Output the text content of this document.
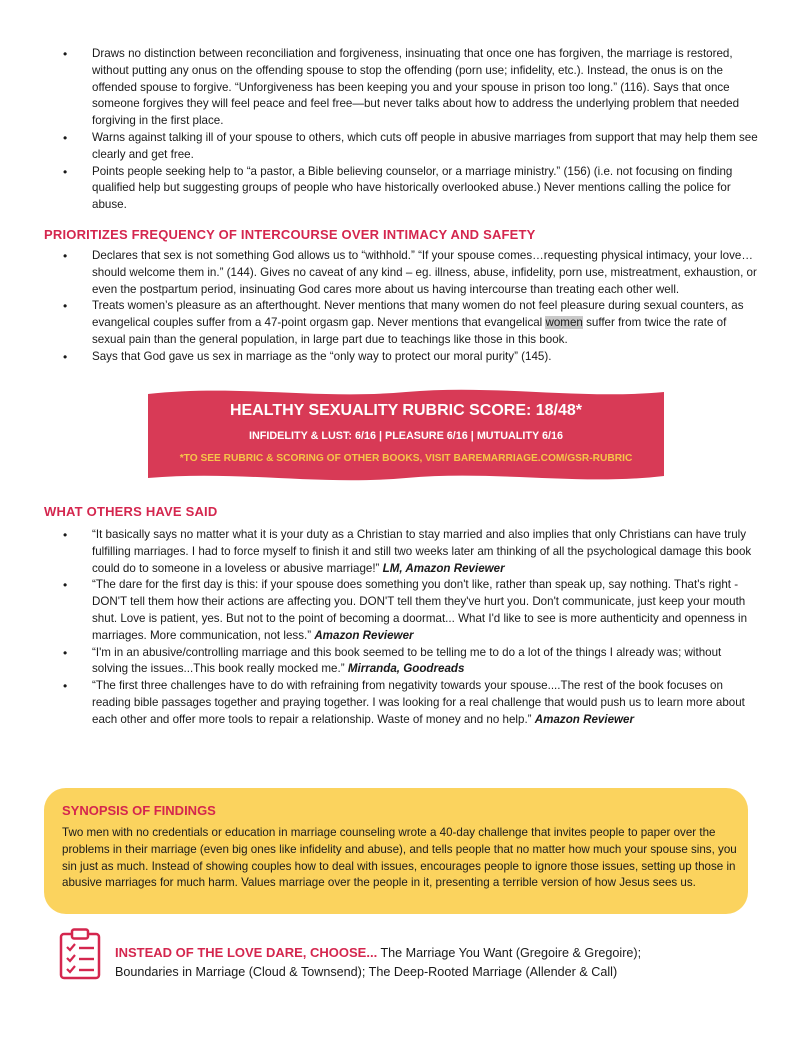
• Draws no distinction between reconciliation and forgiveness, insinuating that once one has forgiven, the marriage is restored, without putting any onus on the offending spouse to stop the offending (porn use; infidelity, etc.). Instead, the onus is on the offended spouse to forgive. “Unforgiveness has been keeping you and your spouse in prison too long.” (116). Says that once someone forgives they will feel peace and feel free—but never talks about how to address the underlying problem that needed forgiving in the first place.
• Warns against talking ill of your spouse to others, which cuts off people in abusive marriages from support that may help them see clearly and get free.
• Points people seeking help to “a pastor, a Bible believing counselor, or a marriage ministry.” (156) (i.e. not focusing on finding qualified help but suggesting groups of people who have historically overlooked abuse.) Never mentions calling the police for abuse.
PRIORITIZES FREQUENCY OF INTERCOURSE OVER INTIMACY AND SAFETY
• Declares that sex is not something God allows us to “withhold.” “If your spouse comes…requesting physical intimacy, your love…should welcome them in.” (144). Gives no caveat of any kind – eg. illness, abuse, infidelity, porn use, mistreatment, exhaustion, or even the postpartum period, insinuating God cares more about us having intercourse than treating each other well.
• Treats women’s pleasure as an afterthought. Never mentions that many women do not feel pleasure during sexual counters, as evangelical couples suffer from a 47-point orgasm gap. Never mentions that evangelical women suffer from twice the rate of sexual pain than the general population, in large part due to teachings like those in this book.
• Says that God gave us sex in marriage as the “only way to protect our moral purity” (145).
HEALTHY SEXUALITY RUBRIC SCORE: 18/48*
INFIDELITY & LUST: 6/16 | PLEASURE 6/16 | MUTUALITY 6/16
*TO SEE RUBRIC & SCORING OF OTHER BOOKS, VISIT BAREMARRIAGE.COM/GSR-RUBRIC
WHAT OTHERS HAVE SAID
• “It basically says no matter what it is your duty as a Christian to stay married and also implies that only Christians can have truly fulfilling marriages. I had to force myself to finish it and still two weeks later am thinking of all the psychological damage this book could do to someone in a loveless or abusive marriage!” LM, Amazon Reviewer
• “The dare for the first day is this: if your spouse does something you don't like, rather than speak up, say nothing. That's right - DON'T tell them how their actions are affecting you. DON'T tell them they've hurt you. Don't communicate, just keep your mouth shut. Love is patient, yes. But not to the point of becoming a doormat... What I'd like to see is more authenticity and openness in marriages. More communication, not less.” Amazon Reviewer
• “I'm in an abusive/controlling marriage and this book seemed to be telling me to do a lot of the things I already was; without solving the issues...This book really mocked me.” Mirranda, Goodreads
• “The first three challenges have to do with refraining from negativity towards your spouse....The rest of the book focuses on reading bible passages together and praying together. I was looking for a real challenge that would push us to learn more about each other and offer more tools to repair a relationship. Waste of money and no help.” Amazon Reviewer
SYNOPSIS OF FINDINGS
Two men with no credentials or education in marriage counseling wrote a 40-day challenge that invites people to paper over the problems in their marriage (even big ones like infidelity and abuse), and tells people that no matter how much your spouse sins, you sin just as much. Instead of showing couples how to deal with issues, encourages people to ignore those issues, setting up those in abusive marriages for much harm. Values marriage over the people in it, presenting a terrible version of how Jesus sees us.
INSTEAD OF THE LOVE DARE, CHOOSE... The Marriage You Want (Gregoire & Gregoire);
Boundaries in Marriage (Cloud & Townsend); The Deep-Rooted Marriage (Allender & Call)
